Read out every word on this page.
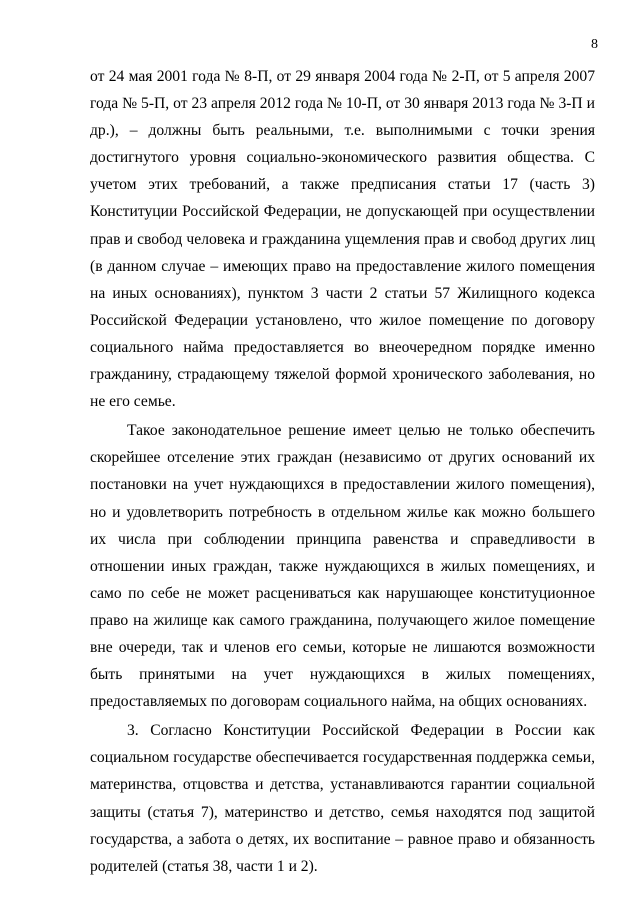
8

от 24 мая 2001 года № 8-П, от 29 января 2004 года № 2-П, от 5 апреля 2007 года № 5-П, от 23 апреля 2012 года № 10-П, от 30 января 2013 года № 3-П и др.), – должны быть реальными, т.е. выполнимыми с точки зрения достигнутого уровня социально-экономического развития общества. С учетом этих требований, а также предписания статьи 17 (часть 3) Конституции Российской Федерации, не допускающей при осуществлении прав и свобод человека и гражданина ущемления прав и свобод других лиц (в данном случае – имеющих право на предоставление жилого помещения на иных основаниях), пунктом 3 части 2 статьи 57 Жилищного кодекса Российской Федерации установлено, что жилое помещение по договору социального найма предоставляется во внеочередном порядке именно гражданину, страдающему тяжелой формой хронического заболевания, но не его семье.

Такое законодательное решение имеет целью не только обеспечить скорейшее отселение этих граждан (независимо от других оснований их постановки на учет нуждающихся в предоставлении жилого помещения), но и удовлетворить потребность в отдельном жилье как можно большего их числа при соблюдении принципа равенства и справедливости в отношении иных граждан, также нуждающихся в жилых помещениях, и само по себе не может расцениваться как нарушающее конституционное право на жилище как самого гражданина, получающего жилое помещение вне очереди, так и членов его семьи, которые не лишаются возможности быть принятыми на учет нуждающихся в жилых помещениях, предоставляемых по договорам социального найма, на общих основаниях.

3. Согласно Конституции Российской Федерации в России как социальном государстве обеспечивается государственная поддержка семьи, материнства, отцовства и детства, устанавливаются гарантии социальной защиты (статья 7), материнство и детство, семья находятся под защитой государства, а забота о детях, их воспитание – равное право и обязанность родителей (статья 38, части 1 и 2).
